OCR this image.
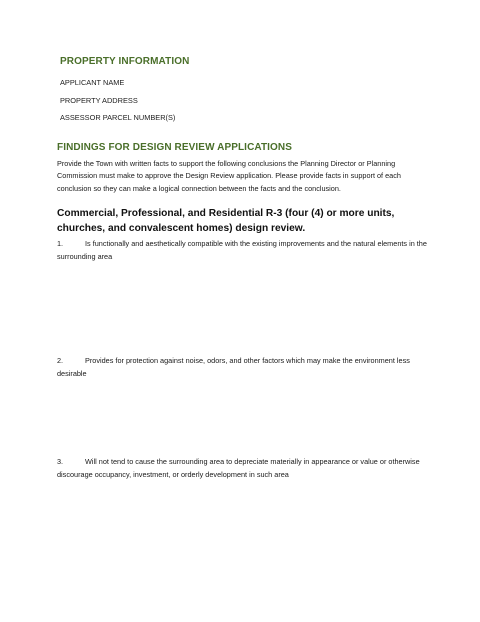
PROPERTY INFORMATION
APPLICANT NAME
PROPERTY ADDRESS
ASSESSOR PARCEL NUMBER(S)
FINDINGS FOR DESIGN REVIEW APPLICATIONS

Provide the Town with written facts to support the following conclusions the Planning Director or Planning Commission must make to approve the Design Review application. Please provide facts in support of each conclusion so they can make a logical connection between the facts and the conclusion.

Commercial, Professional, and Residential R-3 (four (4) or more units, churches, and convalescent homes) design review.

1.	Is functionally and aesthetically compatible with the existing improvements and the natural elements in the surrounding area

2.	Provides for protection against noise, odors, and other factors which may make the environment less desirable

3.	Will not tend to cause the surrounding area to depreciate materially in appearance or value or otherwise discourage occupancy, investment, or orderly development in such area
